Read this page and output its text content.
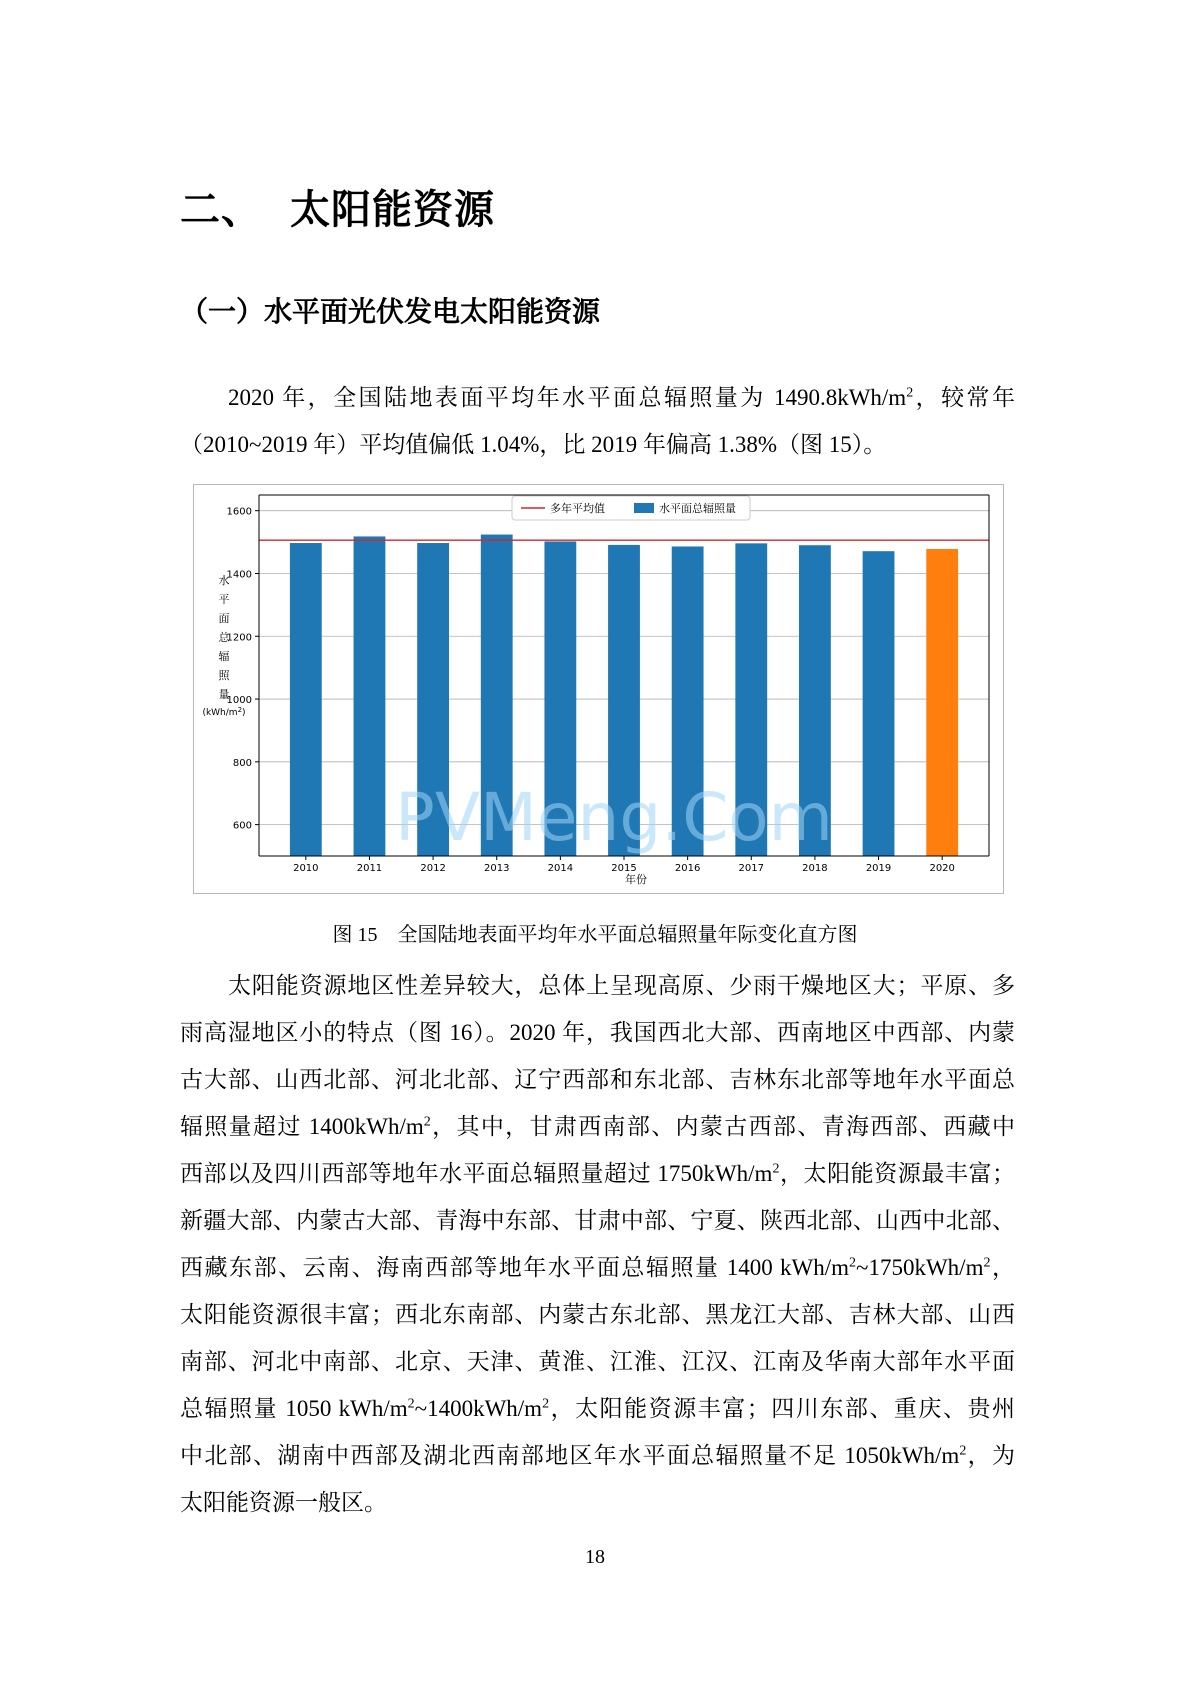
二、 太阳能资源
（一）水平面光伏发电太阳能资源
2020 年，全国陆地表面平均年水平面总辐照量为 $1490.8kWh/m^2$，较常年
（2010~2019 年）平均值偏低 1.04%，比 2019 年偏高 1.38%（图 15）。
600
800
1000
1200
1400
1600
2010	2011	2012	2013	2014	2015	2016	2017	2018	2019	2020
PVMeng.Com
多年平均值	水平面总辐照量
水
平
面
总
辐
照
量
$(kWh/m^2)$
年份
图 15　全国陆地表面平均年水平面总辐照量年际变化直方图
太阳能资源地区性差异较大，总体上呈现高原、少雨干燥地区大；平原、多
雨高湿地区小的特点（图 16）。2020 年，我国西北大部、西南地区中西部、内蒙
古大部、山西北部、河北北部、辽宁西部和东北部、吉林东北部等地年水平面总
辐照量超过 $1400kWh/m^2$，其中，甘肃西南部、内蒙古西部、青海西部、西藏中
西部以及四川西部等地年水平面总辐照量超过 $1750kWh/m^2$，太阳能资源最丰富；
新疆大部、内蒙古大部、青海中东部、甘肃中部、宁夏、陕西北部、山西中北部、
西藏东部、云南、海南西部等地年水平面总辐照量 1400 kWh/$m^2\sim 1750kWh/m^2$，
太阳能资源很丰富；西北东南部、内蒙古东北部、黑龙江大部、吉林大部、山西
南部、河北中南部、北京、天津、黄淮、江淮、江汉、江南及华南大部年水平面
总辐照量 1050 kWh/$m^2\sim 1400kWh/m^2$，太阳能资源丰富；四川东部、重庆、贵州
中北部、湖南中西部及湖北西南部地区年水平面总辐照量不足 $1050kWh/m^2$，为
太阳能资源一般区。
18
